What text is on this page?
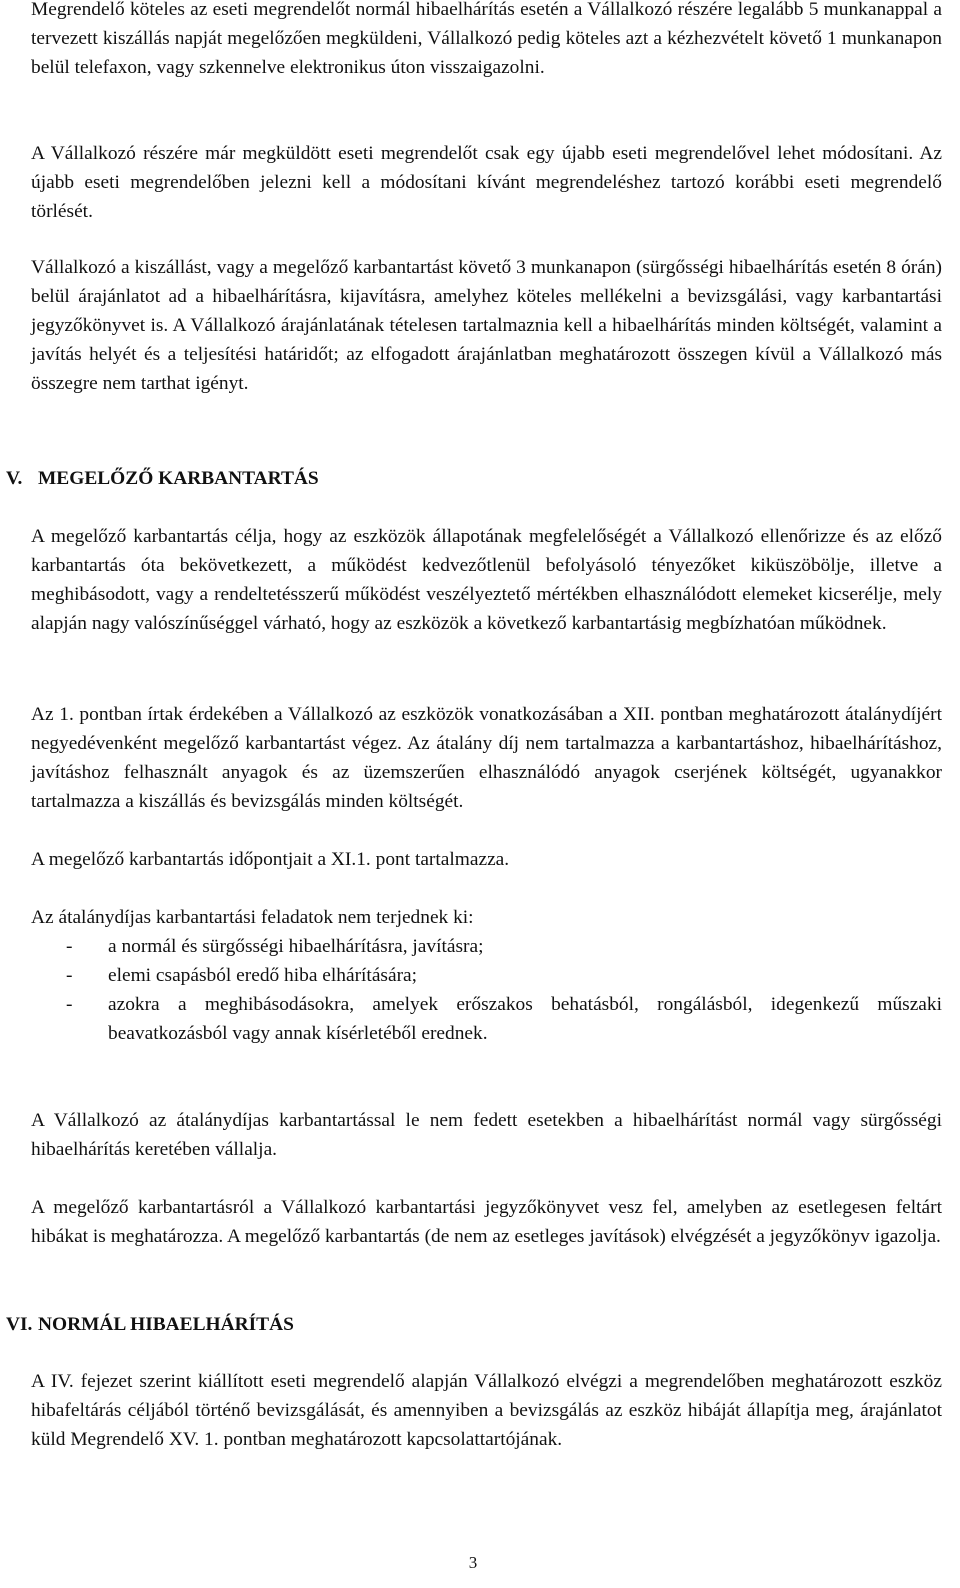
Megrendelő köteles az eseti megrendelőt normál hibaelhárítás esetén a Vállalkozó részére legalább 5 munkanappal a tervezett kiszállás napját megelőzően megküldeni, Vállalkozó pedig köteles azt a kézhezvételt követő 1 munkanapon belül telefaxon, vagy szkennelve elektronikus úton visszaigazolni.

A Vállalkozó részére már megküldött eseti megrendelőt csak egy újabb eseti megrendelővel lehet módosítani. Az újabb eseti megrendelőben jelezni kell a módosítani kívánt megrendeléshez tartozó korábbi eseti megrendelő törlését.

Vállalkozó a kiszállást, vagy a megelőző karbantartást követő 3 munkanapon (sürgősségi hibaelhárítás esetén 8 órán) belül árajánlatot ad a hibaelhárításra, kijavításra, amelyhez köteles mellékelni a bevizsgálási, vagy karbantartási jegyzőkönyvet is. A Vállalkozó árajánlatának tételesen tartalmaznia kell a hibaelhárítás minden költségét, valamint a javítás helyét és a teljesítési határidőt; az elfogadott árajánlatban meghatározott összegen kívül a Vállalkozó más összegre nem tarthat igényt.

V. MEGELŐZŐ KARBANTARTÁS

A megelőző karbantartás célja, hogy az eszközök állapotának megfelelőségét a Vállalkozó ellenőrizze és az előző karbantartás óta bekövetkezett, a működést kedvezőtlenül befolyásoló tényezőket kiküszöbölje, illetve a meghibásodott, vagy a rendeltetésszerű működést veszélyeztető mértékben elhasználódott elemeket kicserélje, mely alapján nagy valószínűséggel várható, hogy az eszközök a következő karbantartásig megbízhatóan működnek.

Az 1. pontban írtak érdekében a Vállalkozó az eszközök vonatkozásában a XII. pontban meghatározott átalánydíjért negyedévenként megelőző karbantartást végez. Az átalány díj nem tartalmazza a karbantartáshoz, hibaelhárításhoz, javításhoz felhasznált anyagok és az üzemszerűen elhasználódó anyagok cserjének költségét, ugyanakkor tartalmazza a kiszállás és bevizsgálás minden költségét.

A megelőző karbantartás időpontjait a XI.1. pont tartalmazza.

Az átalánydíjas karbantartási feladatok nem terjednek ki:

- a normál és sürgősségi hibaelhárításra, javításra;
- elemi csapásból eredő hiba elhárítására;
- azokra a meghibásodásokra, amelyek erőszakos behatásból, rongálásból, idegenkezű műszaki beavatkozásból vagy annak kísérletéből erednek.

A Vállalkozó az átalánydíjas karbantartással le nem fedett esetekben a hibaelhárítást normál vagy sürgősségi hibaelhárítás keretében vállalja.

A megelőző karbantartásról a Vállalkozó karbantartási jegyzőkönyvet vesz fel, amelyben az esetlegesen feltárt hibákat is meghatározza. A megelőző karbantartás (de nem az esetleges javítások) elvégzését a jegyzőkönyv igazolja.

VI. NORMÁL HIBAELHÁRÍTÁS

A IV. fejezet szerint kiállított eseti megrendelő alapján Vállalkozó elvégzi a megrendelőben meghatározott eszköz hibafeltárás céljából történő bevizsgálását, és amennyiben a bevizsgálás az eszköz hibáját állapítja meg, árajánlatot küld Megrendelő XV. 1. pontban meghatározott kapcsolattartójának.

3
